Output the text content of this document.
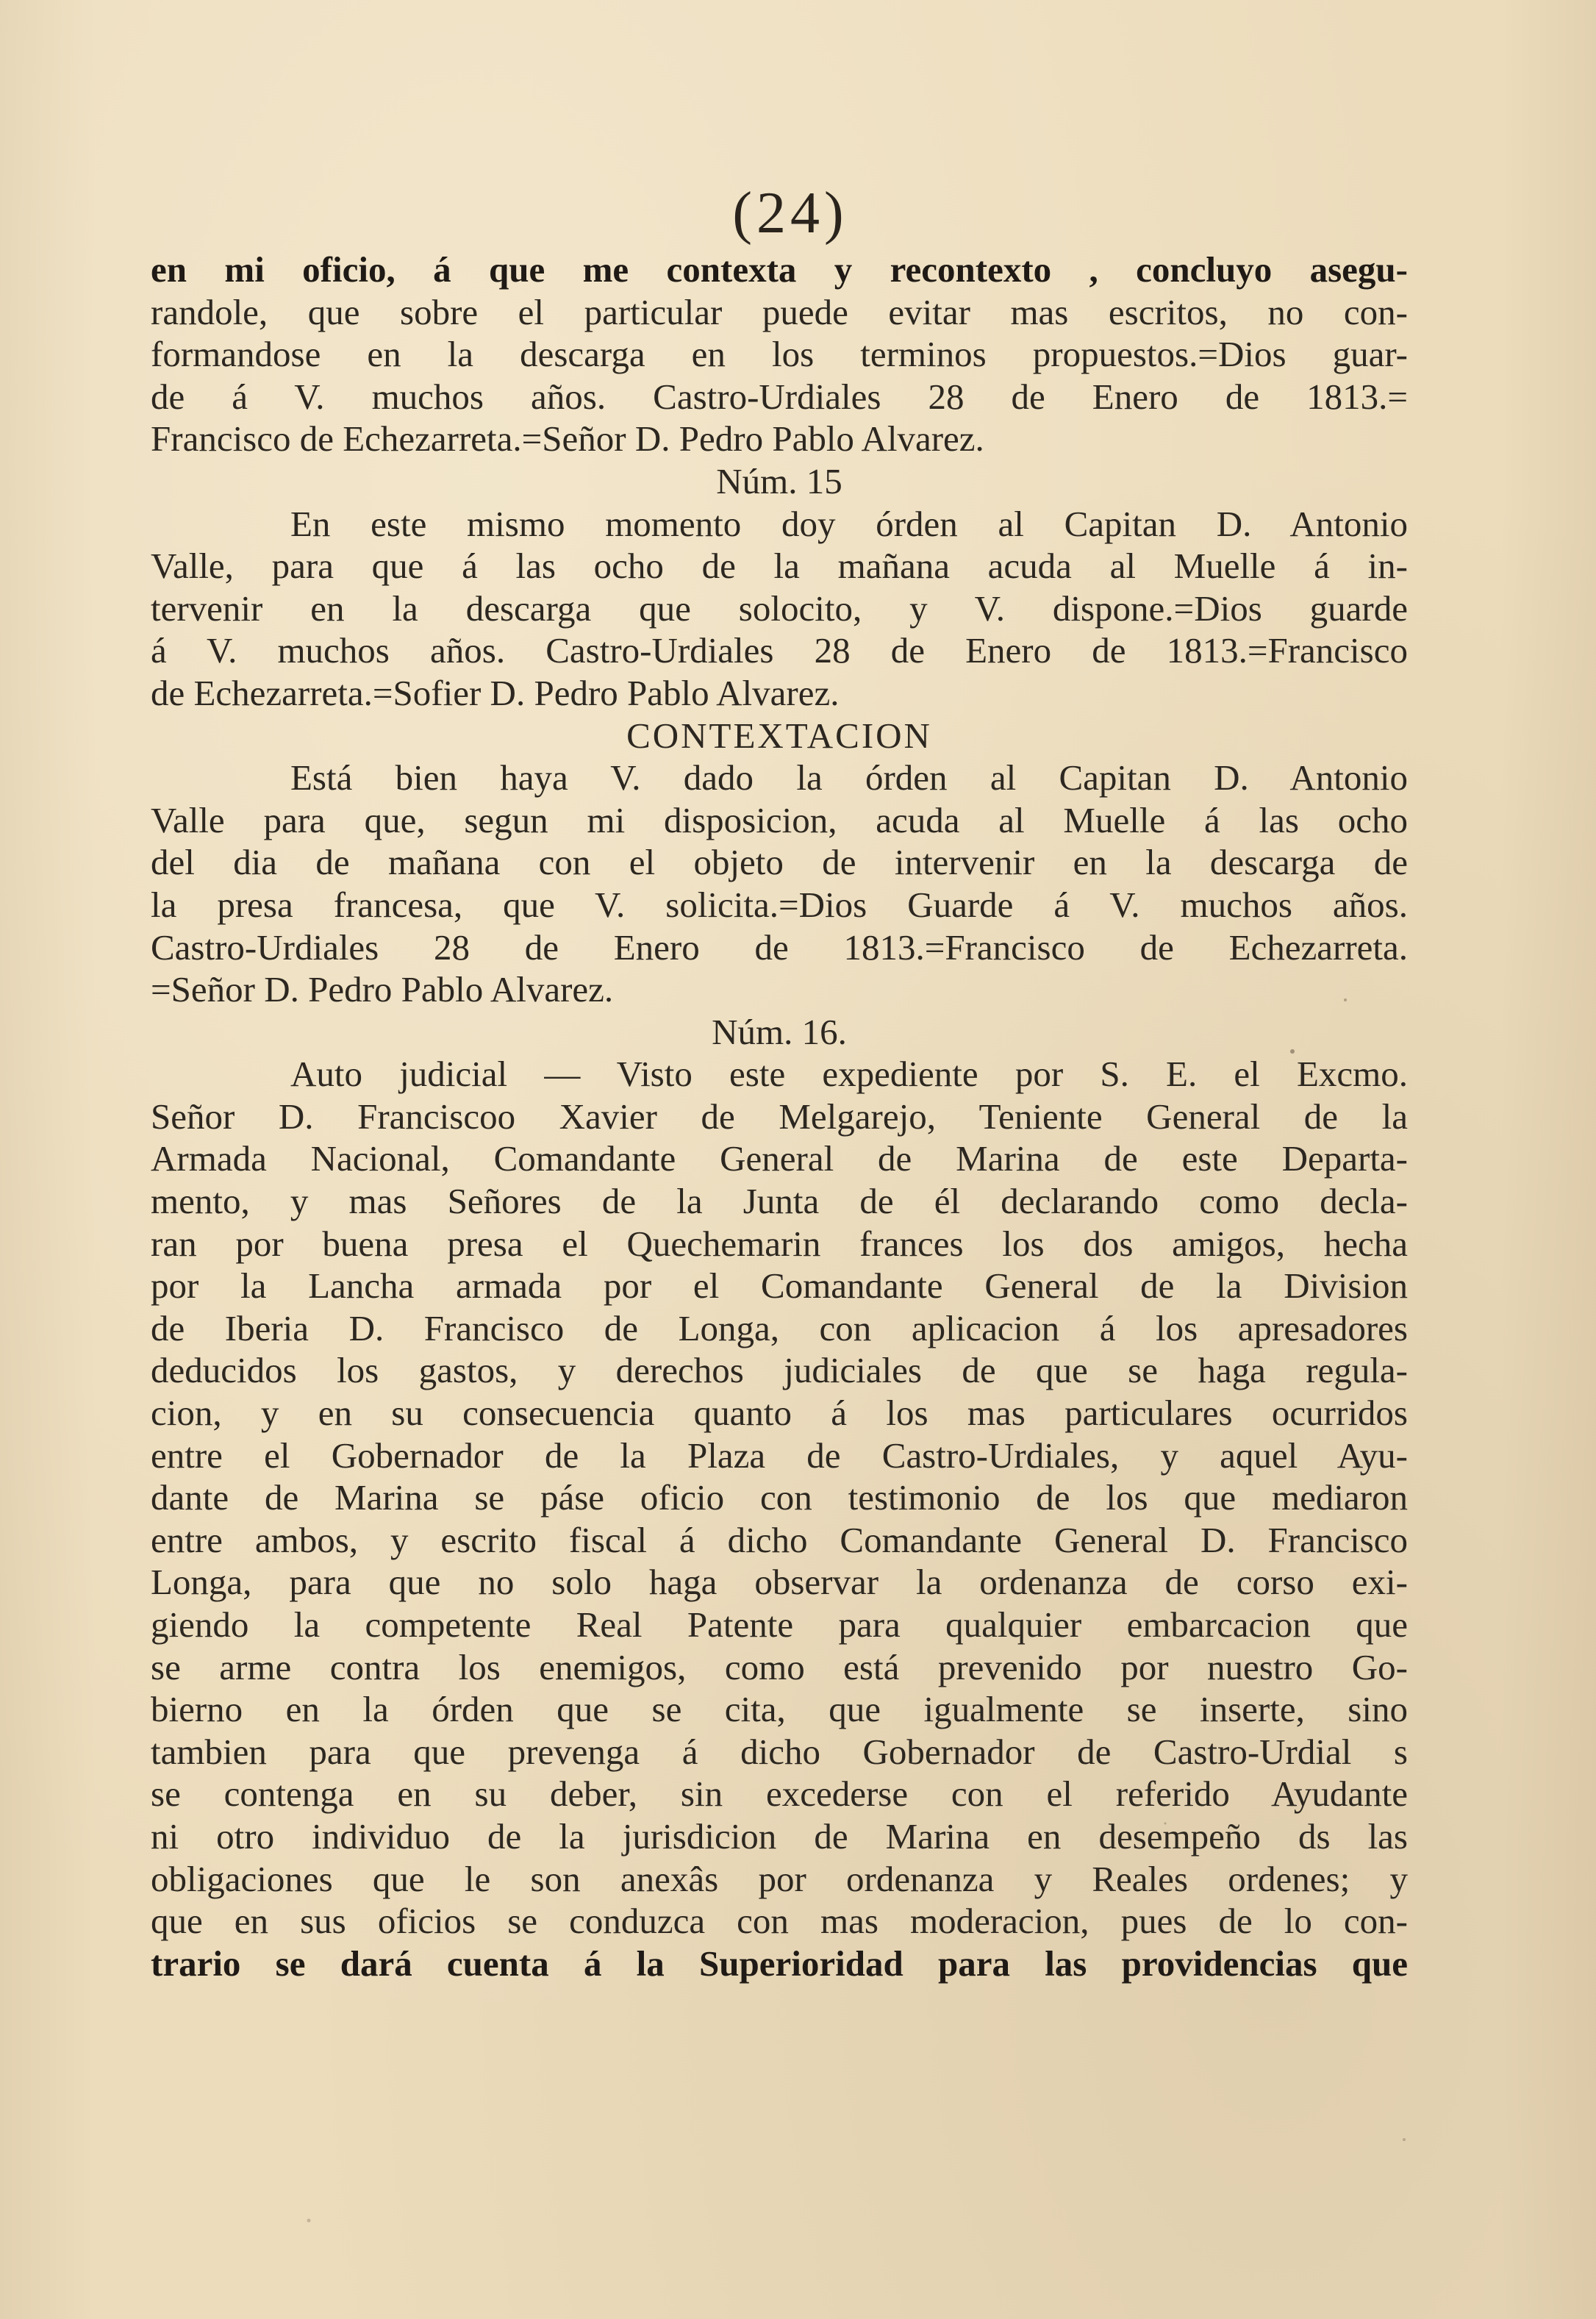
(24)
en mi oficio, á que me contexta y recontexto , concluyo asegu-
randole, que sobre el particular puede evitar mas escritos, no con-
formandose en la descarga en los terminos propuestos.=Dios guar-
de á V. muchos años. Castro-Urdiales 28 de Enero de 1813.=
Francisco de Echezarreta.=Señor D. Pedro Pablo Alvarez.
Núm. 15
En este mismo momento doy órden al Capitan D. Antonio
Valle, para que á las ocho de la mañana acuda al Muelle á in-
tervenir en la descarga que solocito, y V. dispone.=Dios guarde
á V. muchos años. Castro-Urdiales 28 de Enero de 1813.=Francisco
de Echezarreta.=Sofier D. Pedro Pablo Alvarez.
CONTEXTACION
Está bien haya V. dado la órden al Capitan D. Antonio
Valle para que, segun mi disposicion, acuda al Muelle á las ocho
del dia de mañana con el objeto de intervenir en la descarga de
la presa francesa, que V. solicita.=Dios Guarde á V. muchos años.
Castro-Urdiales 28 de Enero de 1813.=Francisco de Echezarreta.
=Señor D. Pedro Pablo Alvarez.
Núm. 16.
Auto judicial — Visto este expediente por S. E. el Excmo.
Señor D. Franciscoo Xavier de Melgarejo, Teniente General de la
Armada Nacional, Comandante General de Marina de este Departa-
mento, y mas Señores de la Junta de él declarando como decla-
ran por buena presa el Quechemarin frances los dos amigos, hecha
por la Lancha armada por el Comandante General de la Division
de Iberia D. Francisco de Longa, con aplicacion á los apresadores
deducidos los gastos, y derechos judiciales de que se haga regula-
cion, y en su consecuencia quanto á los mas particulares ocurridos
entre el Gobernador de la Plaza de Castro-Urdiales, y aquel Ayu-
dante de Marina se páse oficio con testimonio de los que mediaron
entre ambos, y escrito fiscal á dicho Comandante General D. Francisco
Longa, para que no solo haga observar la ordenanza de corso exi-
giendo la competente Real Patente para qualquier embarcacion que
se arme contra los enemigos, como está prevenido por nuestro Go-
bierno en la órden que se cita, que igualmente se inserte, sino
tambien para que prevenga á dicho Gobernador de Castro-Urdial s
se contenga en su deber, sin excederse con el referido Ayudante
ni otro individuo de la jurisdicion de Marina en desempeño ds las
obligaciones que le son anexâs por ordenanza y Reales ordenes; y
que en sus oficios se conduzca con mas moderacion, pues de lo con-
trario se dará cuenta á la Superioridad para las providencias que
